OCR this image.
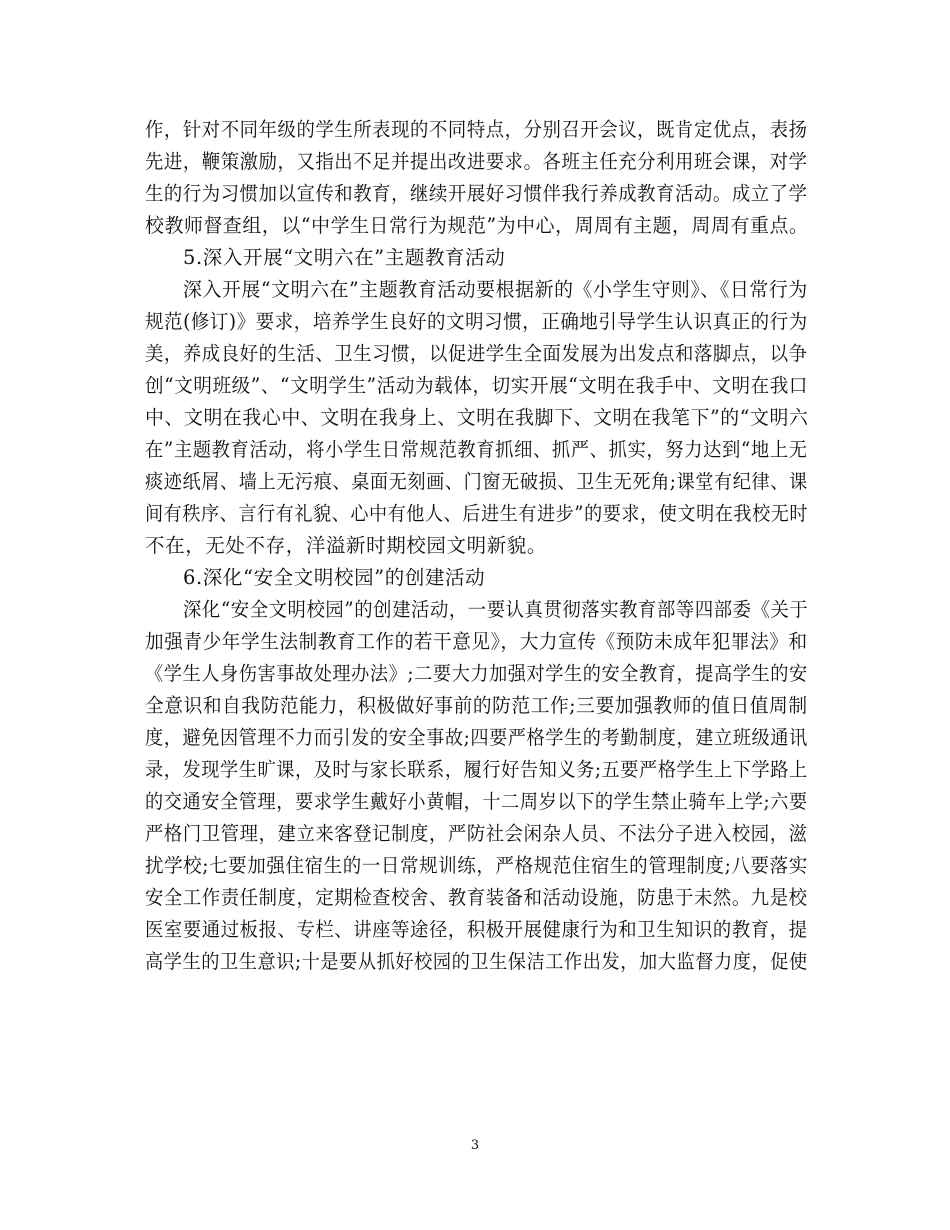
作，针对不同年级的学生所表现的不同特点，分别召开会议，既肯定优点，表扬
先进，鞭策激励，又指出不足并提出改进要求。各班主任充分利用班会课，对学
生的行为习惯加以宣传和教育，继续开展好习惯伴我行养成教育活动。成立了学
校教师督查组，以“中学生日常行为规范”为中心，周周有主题，周周有重点。
5.深入开展“文明六在”主题教育活动
深入开展“文明六在”主题教育活动要根据新的《小学生守则》、《日常行为
规范(修订)》要求，培养学生良好的文明习惯，正确地引导学生认识真正的行为
美，养成良好的生活、卫生习惯，以促进学生全面发展为出发点和落脚点，以争
创“文明班级”、“文明学生”活动为载体，切实开展“文明在我手中、文明在我口
中、文明在我心中、文明在我身上、文明在我脚下、文明在我笔下”的“文明六
在”主题教育活动，将小学生日常规范教育抓细、抓严、抓实，努力达到“地上无
痰迹纸屑、墙上无污痕、桌面无刻画、门窗无破损、卫生无死角;课堂有纪律、课
间有秩序、言行有礼貌、心中有他人、后进生有进步”的要求，使文明在我校无时
不在，无处不存，洋溢新时期校园文明新貌。
6.深化“安全文明校园”的创建活动
深化“安全文明校园”的创建活动，一要认真贯彻落实教育部等四部委《关于
加强青少年学生法制教育工作的若干意见》，大力宣传《预防未成年犯罪法》和
《学生人身伤害事故处理办法》;二要大力加强对学生的安全教育，提高学生的安
全意识和自我防范能力，积极做好事前的防范工作;三要加强教师的值日值周制
度，避免因管理不力而引发的安全事故;四要严格学生的考勤制度，建立班级通讯
录，发现学生旷课，及时与家长联系，履行好告知义务;五要严格学生上下学路上
的交通安全管理，要求学生戴好小黄帽，十二周岁以下的学生禁止骑车上学;六要
严格门卫管理，建立来客登记制度，严防社会闲杂人员、不法分子进入校园，滋
扰学校;七要加强住宿生的一日常规训练，严格规范住宿生的管理制度;八要落实
安全工作责任制度，定期检查校舍、教育装备和活动设施，防患于未然。九是校
医室要通过板报、专栏、讲座等途径，积极开展健康行为和卫生知识的教育，提
高学生的卫生意识;十是要从抓好校园的卫生保洁工作出发，加大监督力度，促使
3
